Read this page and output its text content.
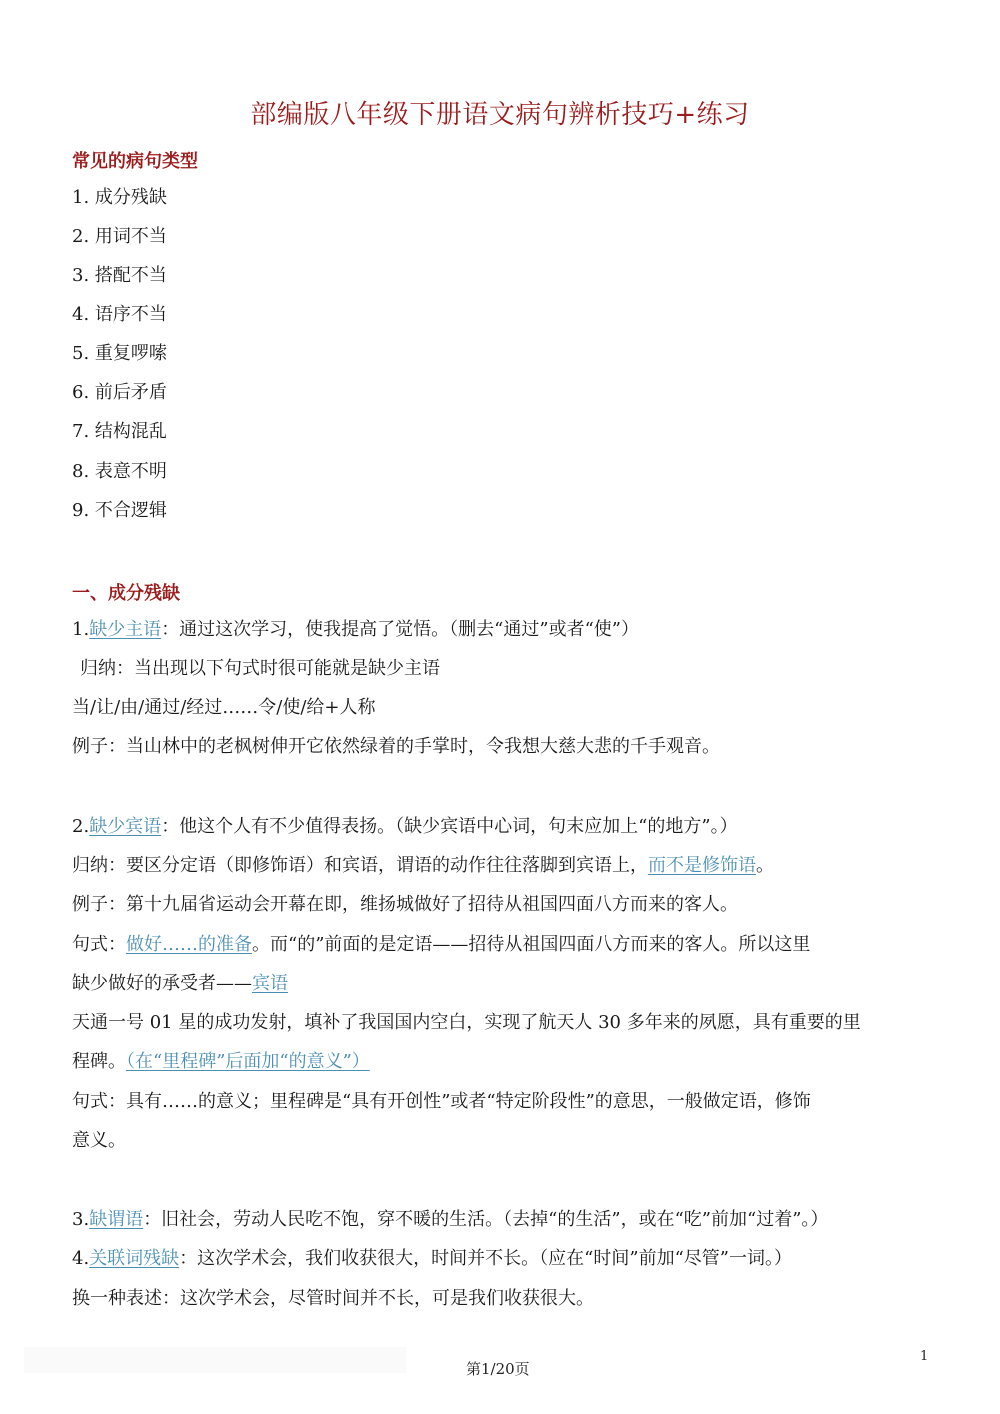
部编版八年级下册语文病句辨析技巧+练习
常见的病句类型
1. 成分残缺
2. 用词不当
3. 搭配不当
4. 语序不当
5. 重复啰嗦
6. 前后矛盾
7. 结构混乱
8. 表意不明
9. 不合逻辑
一、成分残缺
1.缺少主语：通过这次学习，使我提高了觉悟。（删去“通过”或者“使”）
归纳：当出现以下句式时很可能就是缺少主语
当/让/由/通过/经过……令/使/给+人称
例子：当山林中的老枫树伸开它依然绿着的手掌时，令我想大慈大悲的千手观音。
2.缺少宾语：他这个人有不少值得表扬。（缺少宾语中心词，句末应加上“的地方”。）
归纳：要区分定语（即修饰语）和宾语，谓语的动作往往落脚到宾语上，而不是修饰语。
例子：第十九届省运动会开幕在即，维扬城做好了招待从祖国四面八方而来的客人。
句式：做好……的准备。而“的”前面的是定语——招待从祖国四面八方而来的客人。所以这里
缺少做好的承受者——宾语
天通一号 01 星的成功发射，填补了我国国内空白，实现了航天人 30 多年来的夙愿，具有重要的里
程碑。（在“里程碑”后面加“的意义”）
句式：具有……的意义；里程碑是“具有开创性”或者“特定阶段性”的意思，一般做定语，修饰
意义。
3.缺谓语：旧社会，劳动人民吃不饱，穿不暖的生活。（去掉“的生活”，或在“吃”前加“过着”。）
4.关联词残缺：这次学术会，我们收获很大，时间并不长。（应在“时间”前加“尽管”一词。）
换一种表述：这次学术会，尽管时间并不长，可是我们收获很大。
第1/20页
1
